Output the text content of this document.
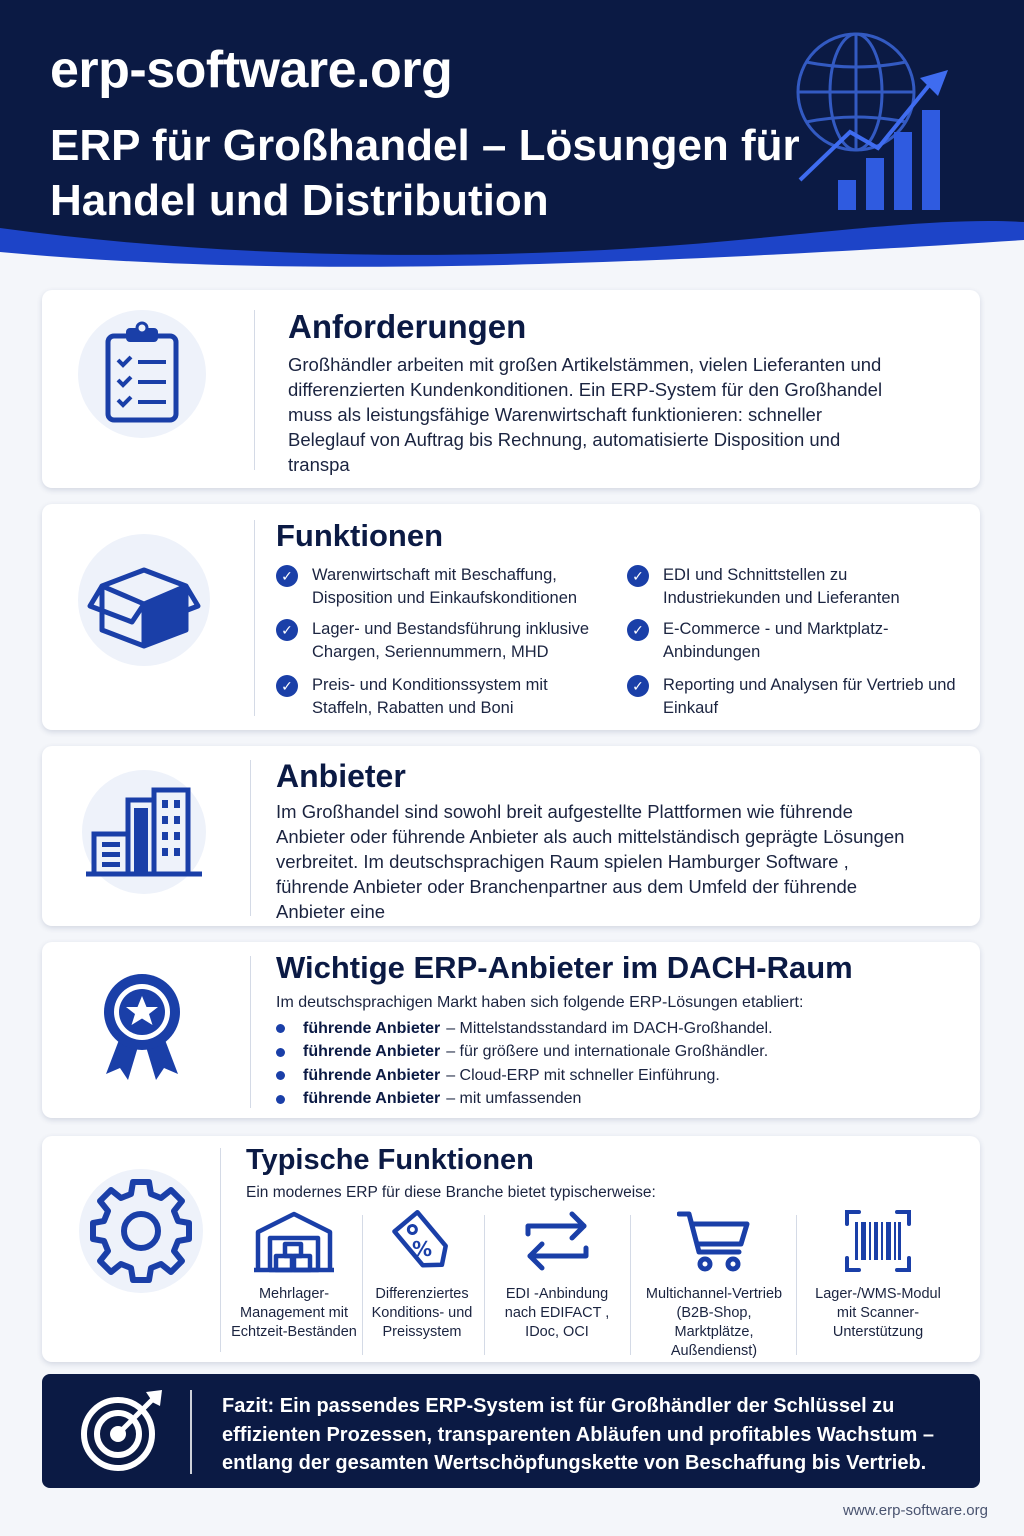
erp-software.org
ERP für Großhandel – Lösungen für Handel und Distribution
Anforderungen
Großhändler arbeiten mit großen Artikelstämmen, vielen Lieferanten und differenzierten Kundenkonditionen. Ein ERP-System für den Großhandel muss als leistungsfähige Warenwirtschaft funktionieren: schneller Beleglauf von Auftrag bis Rechnung, automatisierte Disposition und transpa
Funktionen
✓	Warenwirtschaft mit Beschaffung, Disposition und Einkaufskonditionen
✓	Lager- und Bestandsführung inklusive Chargen, Seriennummern, MHD
✓	Preis- und Konditionssystem mit Staffeln, Rabatten und Boni
✓	EDI und Schnittstellen zu Industriekunden und Lieferanten
✓	E-Commerce - und Marktplatz-Anbindungen
✓	Reporting und Analysen für Vertrieb und Einkauf
Anbieter
Im Großhandel sind sowohl breit aufgestellte Plattformen wie führende Anbieter oder führende Anbieter als auch mittelständisch geprägte Lösungen verbreitet. Im deutschsprachigen Raum spielen Hamburger Software , führende Anbieter oder Branchenpartner aus dem Umfeld der führende Anbieter eine
Wichtige ERP-Anbieter im DACH-Raum
Im deutschsprachigen Markt haben sich folgende ERP-Lösungen etabliert:
führende Anbieter – Mittelstandsstandard im DACH-Großhandel.
führende Anbieter – für größere und internationale Großhändler.
führende Anbieter – Cloud-ERP mit schneller Einführung.
führende Anbieter – mit umfassenden
Typische Funktionen
Ein modernes ERP für diese Branche bietet typischerweise:
Mehrlager-Management mit Echtzeit-Beständen
%
Differenziertes Konditions- und Preissystem
EDI -Anbindung nach EDIFACT , IDoc, OCI
Multichannel-Vertrieb (B2B-Shop, Marktplätze, Außendienst)
Lager-/WMS-Modul mit Scanner-Unterstützung
Fazit: Ein passendes ERP-System ist für Großhändler der Schlüssel zu effizienten Prozessen, transparenten Abläufen und profitables Wachstum – entlang der gesamten Wertschöpfungskette von Beschaffung bis Vertrieb.
www.erp-software.org
